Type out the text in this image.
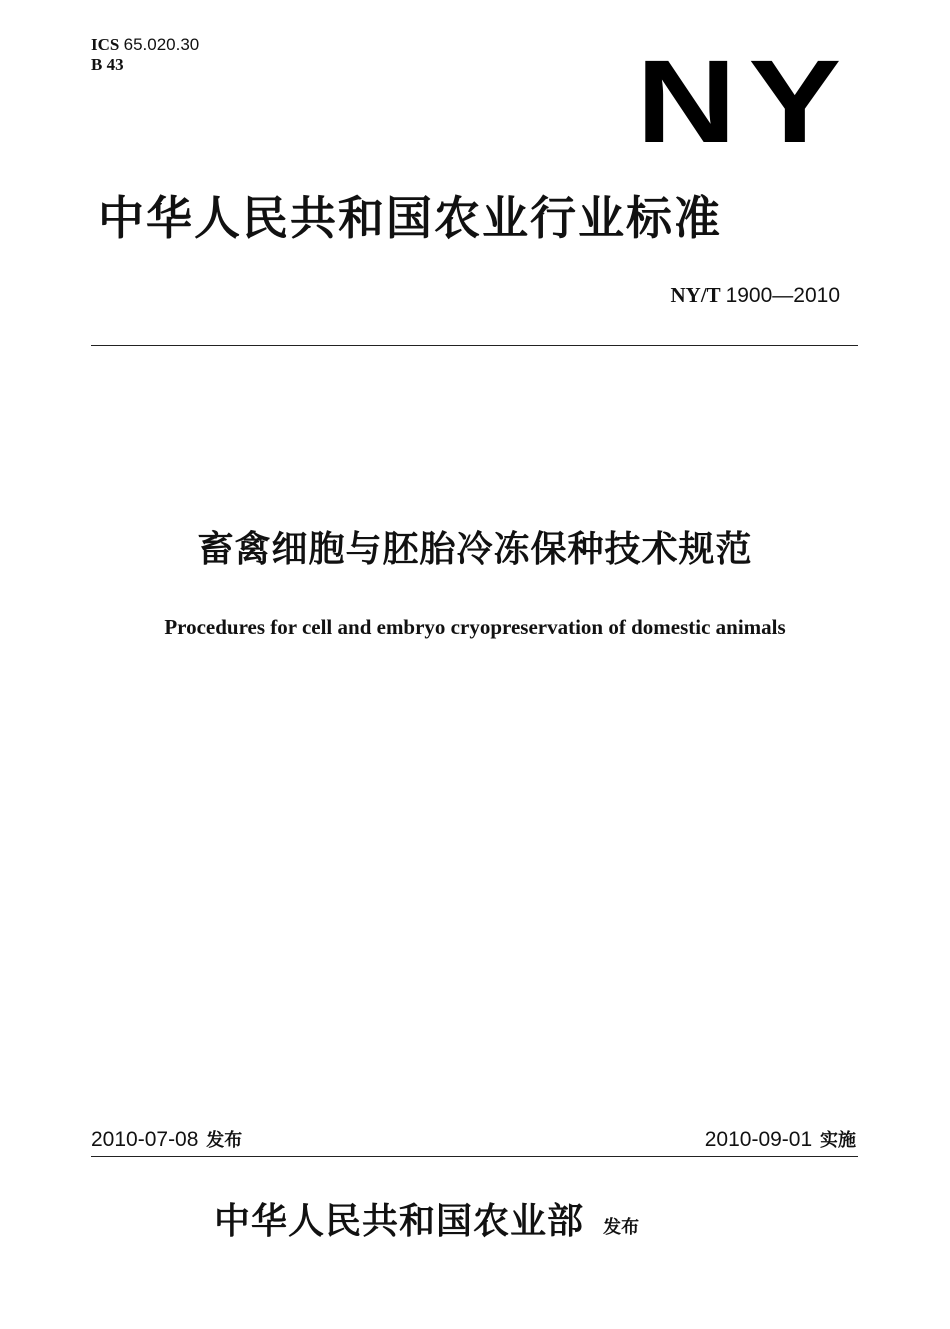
ICS 65.020.30
B 43	NY
中华人民共和国农业行业标准
NY/T 1900—2010
畜禽细胞与胚胎冷冻保种技术规范
Procedures for cell and embryo cryopreservation of domestic animals
2010-07-08 发布	2010-09-01 实施
中华人民共和国农业部 发布
